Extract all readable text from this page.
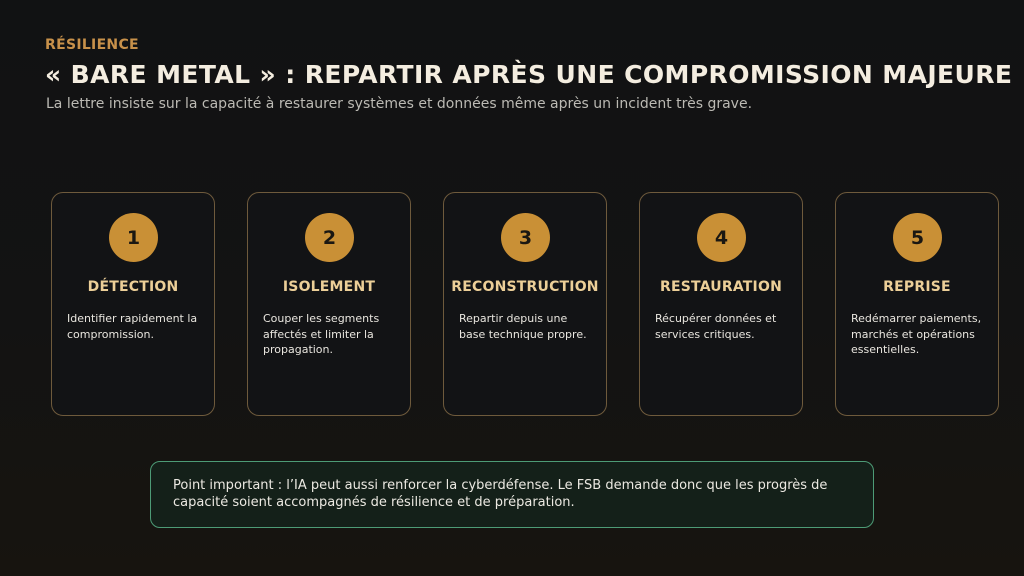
RÉSILIENCE
« BARE METAL » : REPARTIR APRÈS UNE COMPROMISSION MAJEURE
La lettre insiste sur la capacité à restaurer systèmes et données même après un incident très grave.
1
DÉTECTION
Identifier rapidement la compromission.
2
ISOLEMENT
Couper les segments affectés et limiter la propagation.
3
RECONSTRUCTION
Repartir depuis une base technique propre.
4
RESTAURATION
Récupérer données et services critiques.
5
REPRISE
Redémarrer paiements, marchés et opérations essentielles.
Point important : l’IA peut aussi renforcer la cyberdéfense. Le FSB demande donc que les progrès de capacité soient accompagnés de résilience et de préparation.
